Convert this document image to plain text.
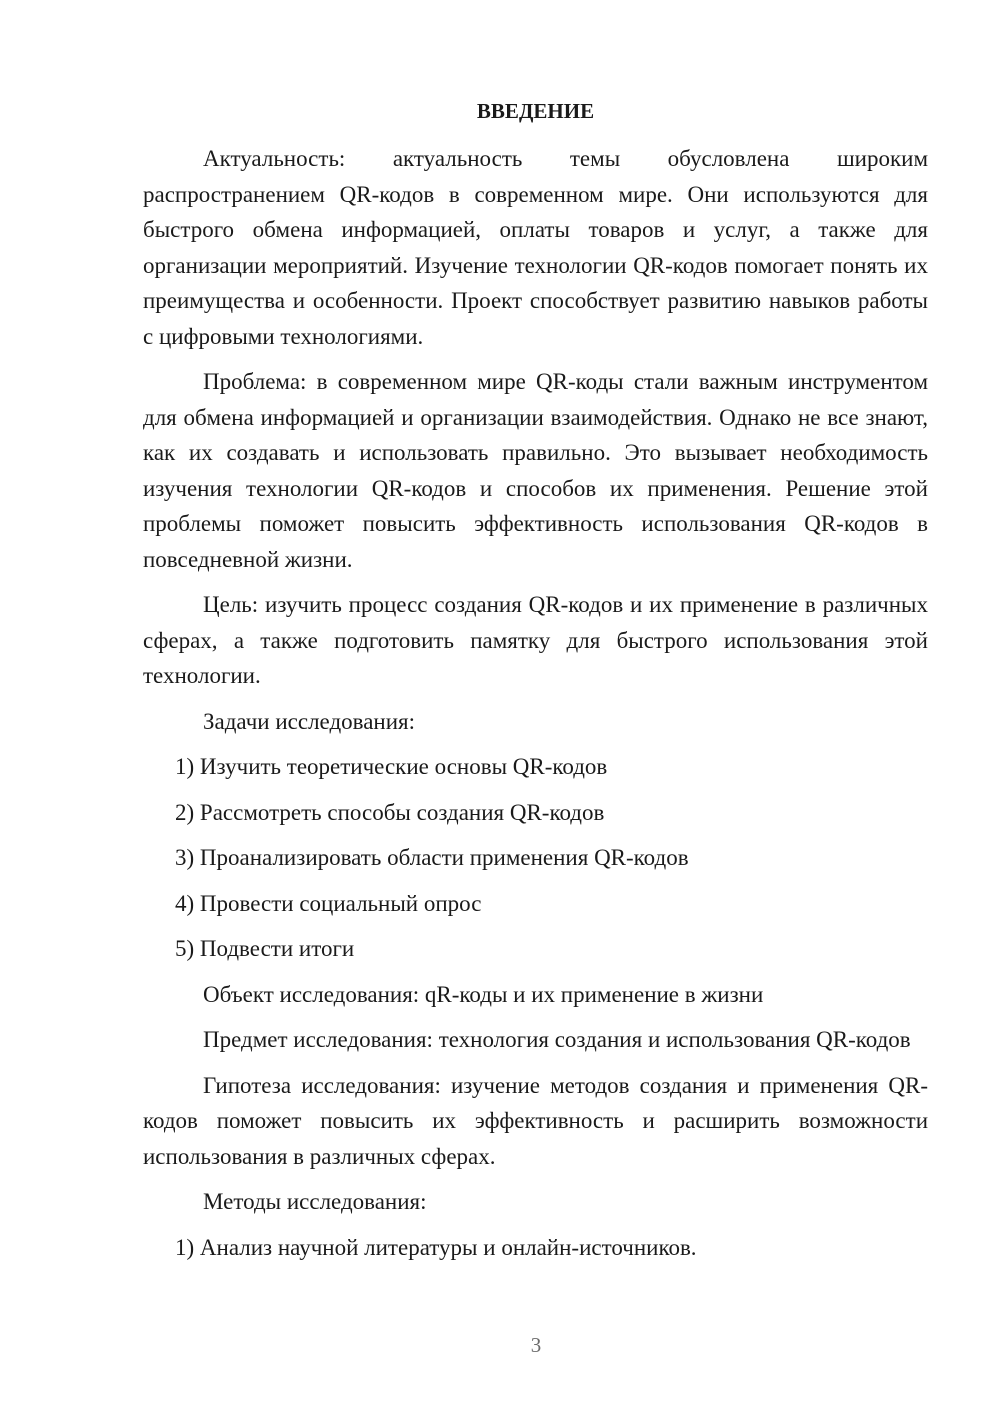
ВВЕДЕНИЕ

Актуальность: актуальность темы обусловлена широким распространением QR-кодов в современном мире. Они используются для быстрого обмена информацией, оплаты товаров и услуг, а также для организации мероприятий. Изучение технологии QR-кодов помогает понять их преимущества и особенности. Проект способствует развитию навыков работы с цифровыми технологиями.

Проблема: в современном мире QR-коды стали важным инструментом для обмена информацией и организации взаимодействия. Однако не все знают, как их создавать и использовать правильно. Это вызывает необходимость изучения технологии QR-кодов и способов их применения. Решение этой проблемы поможет повысить эффективность использования QR-кодов в повседневной жизни.

Цель: изучить процесс создания QR-кодов и их применение в различных сферах, а также подготовить памятку для быстрого использования этой технологии.

Задачи исследования:

1) Изучить теоретические основы QR-кодов
2) Рассмотреть способы создания QR-кодов
3) Проанализировать области применения QR-кодов
4) Провести социальный опрос
5) Подвести итоги

Объект исследования: qR-коды и их применение в жизни

Предмет исследования: технология создания и использования QR-кодов

Гипотеза исследования: изучение методов создания и применения QR-кодов поможет повысить их эффективность и расширить возможности использования в различных сферах.

Методы исследования:

1) Анализ научной литературы и онлайн-источников.
3
